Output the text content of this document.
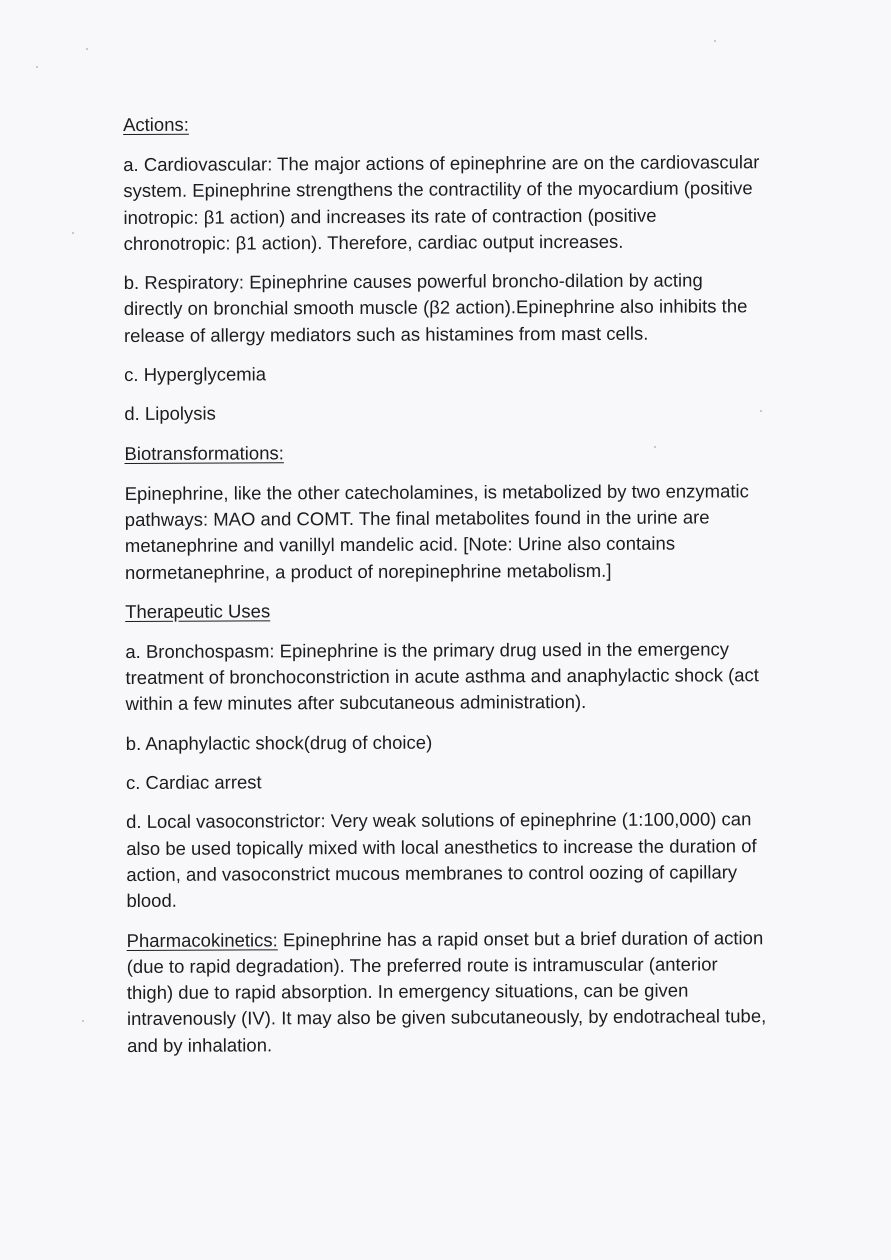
Actions:

a. Cardiovascular: The major actions of epinephrine are on the cardiovascular system. Epinephrine strengthens the contractility of the myocardium (positive inotropic: β1 action) and increases its rate of contraction (positive chronotropic: β1 action). Therefore, cardiac output increases.

b. Respiratory: Epinephrine causes powerful broncho-dilation by acting directly on bronchial smooth muscle (β2 action).Epinephrine also inhibits the release of allergy mediators such as histamines from mast cells.

c. Hyperglycemia

d. Lipolysis

Biotransformations:

Epinephrine, like the other catecholamines, is metabolized by two enzymatic pathways: MAO and COMT. The final metabolites found in the urine are metanephrine and vanillyl mandelic acid. [Note: Urine also contains normetanephrine, a product of norepinephrine metabolism.]

Therapeutic Uses

a. Bronchospasm: Epinephrine is the primary drug used in the emergency treatment of bronchoconstriction in acute asthma and anaphylactic shock (act within a few minutes after subcutaneous administration).

b. Anaphylactic shock(drug of choice)

c. Cardiac arrest

d. Local vasoconstrictor: Very weak solutions of epinephrine (1:100,000) can also be used topically mixed with local anesthetics to increase the duration of action, and vasoconstrict mucous membranes to control oozing of capillary blood.

Pharmacokinetics: Epinephrine has a rapid onset but a brief duration of action (due to rapid degradation). The preferred route is intramuscular (anterior thigh) due to rapid absorption. In emergency situations, can be given intravenously (IV). It may also be given subcutaneously, by endotracheal tube, and by inhalation.
